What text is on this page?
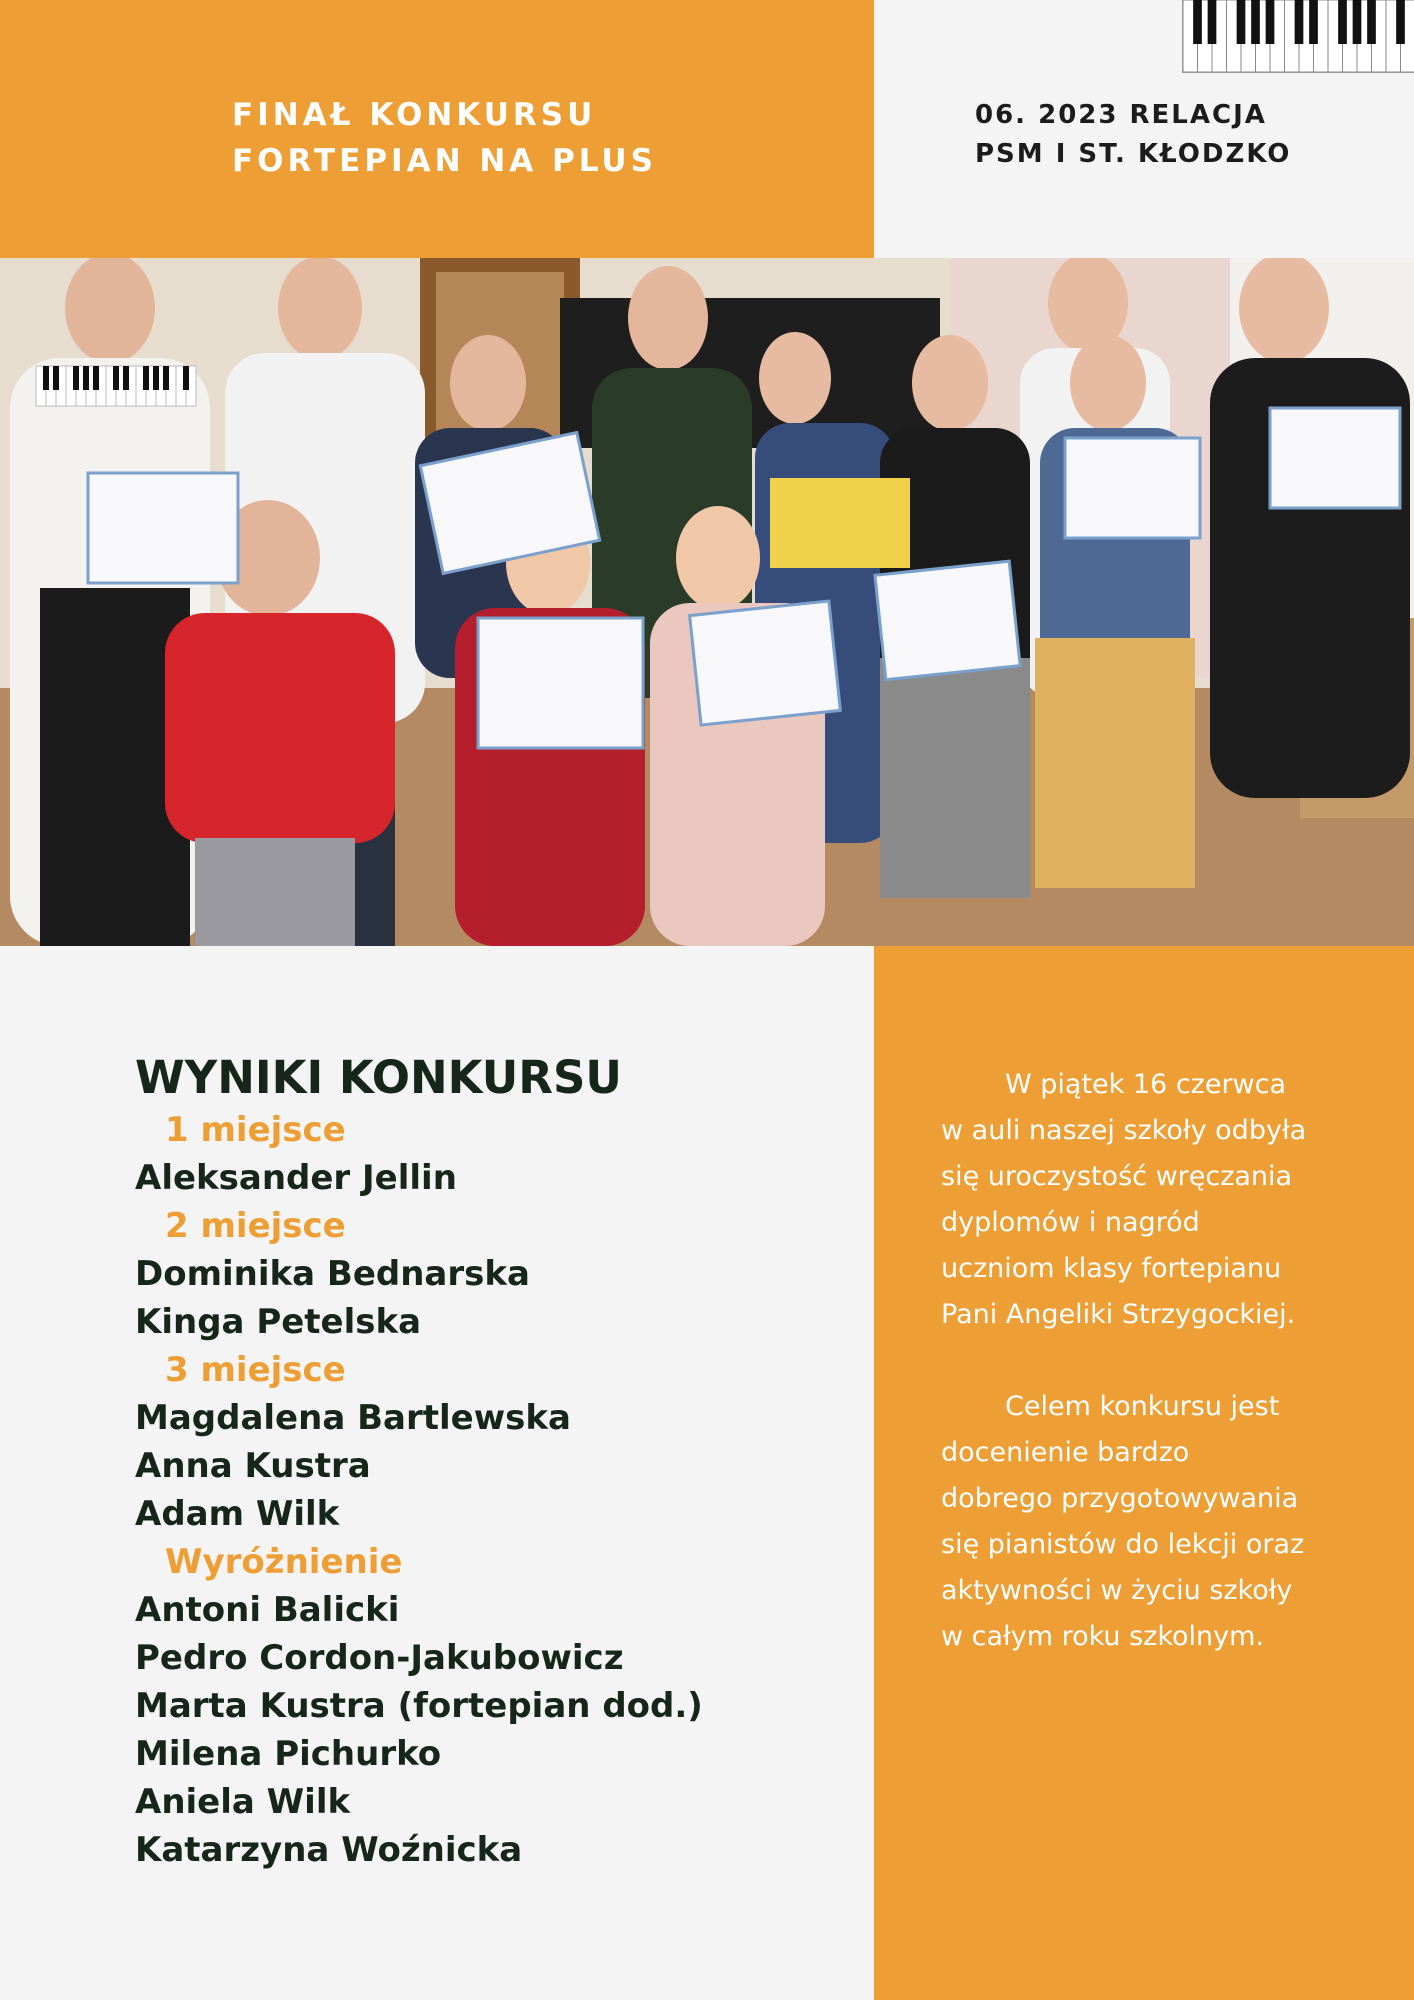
FINAŁ KONKURSU
FORTEPIAN NA PLUS
06. 2023 RELACJA
PSM I ST. KŁODZKO
WYNIKI KONKURSU
1 miejsce
Aleksander Jellin
2 miejsce
Dominika Bednarska
Kinga Petelska
3 miejsce
Magdalena Bartlewska
Anna Kustra
Adam Wilk
Wyróżnienie
Antoni Balicki
Pedro Cordon-Jakubowicz
Marta Kustra (fortepian dod.)
Milena Pichurko
Aniela Wilk
Katarzyna Woźnicka

W piątek 16 czerwca
w auli naszej szkoły odbyła
się uroczystość wręczania
dyplomów i nagród
uczniom klasy fortepianu
Pani Angeliki Strzygockiej.

Celem konkursu jest
docenienie bardzo
dobrego przygotowywania
się pianistów do lekcji oraz
aktywności w życiu szkoły
w całym roku szkolnym.
